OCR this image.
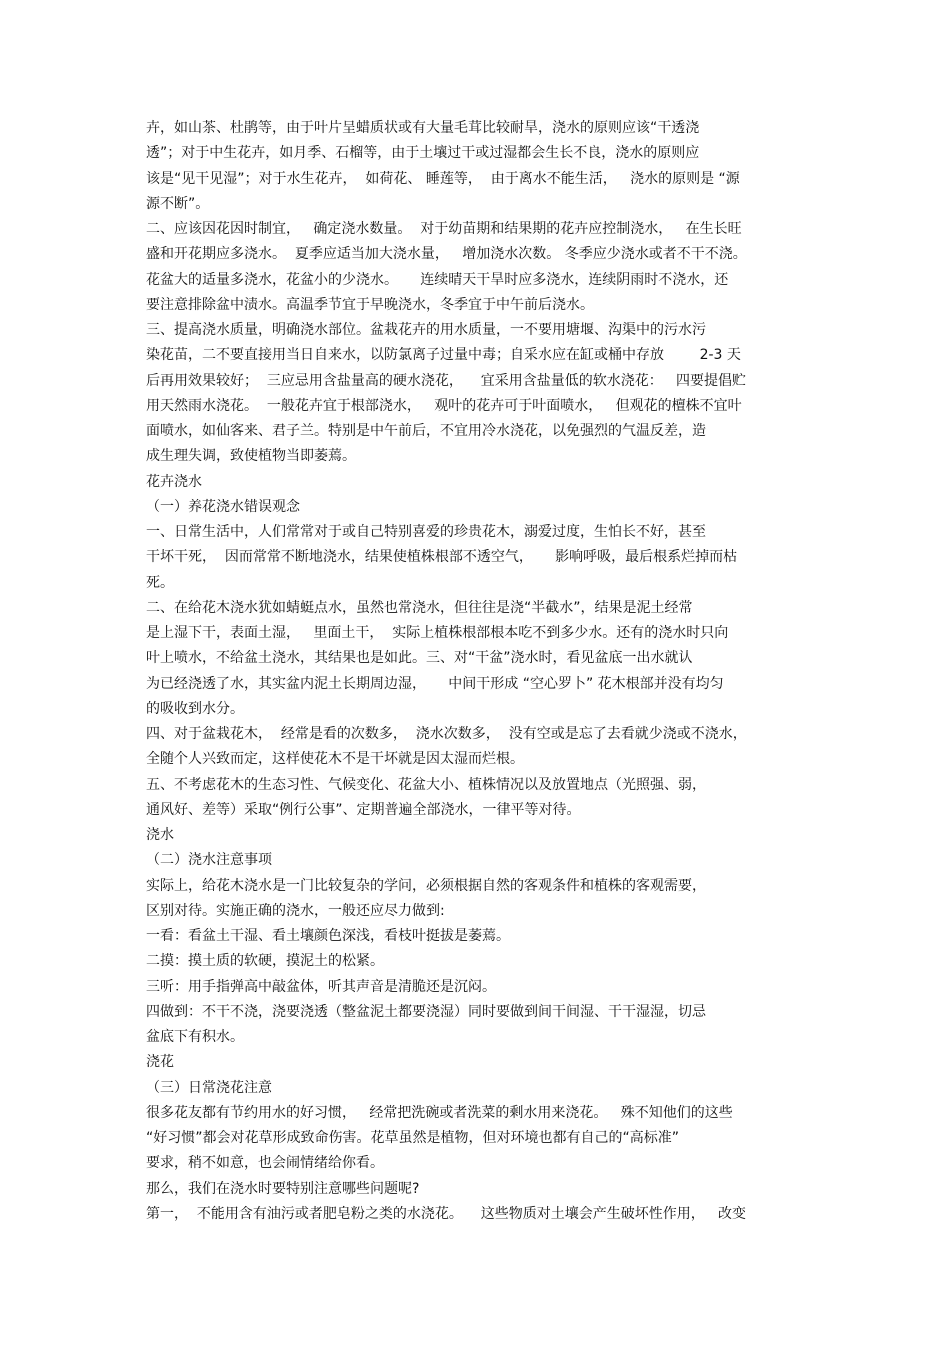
卉，如山茶、杜鹃等，由于叶片呈蜡质状或有大量毛茸比较耐旱，浇水的原则应该“干透浇
透”；对于中生花卉，如月季、石榴等，由于土壤过干或过湿都会生长不良，浇水的原则应
该是“见干见湿”；对于水生花卉，  如荷花、 睡莲等，  由于离水不能生活，   浇水的原则是 “源
源不断”。
二、应该因花因时制宜，   确定浇水数量。  对于幼苗期和结果期的花卉应控制浇水，   在生长旺
盛和开花期应多浇水。  夏季应适当加大浇水量，   增加浇水次数。 冬季应少浇水或者不干不浇。
花盆大的适量多浇水，花盆小的少浇水。     连续晴天干旱时应多浇水，连续阴雨时不浇水，还
要注意排除盆中渍水。高温季节宜于早晚浇水，冬季宜于中午前后浇水。
三、提高浇水质量，明确浇水部位。盆栽花卉的用水质量，一不要用塘堰、沟渠中的污水污
染花苗，二不要直接用当日自来水，以防氯离子过量中毒；自采水应在缸或桶中存放        2-3 天
后再用效果较好；  三应忌用含盐量高的硬水浇花，    宜采用含盐量低的软水浇花：   四要提倡贮
用天然雨水浇花。  一般花卉宜于根部浇水，   观叶的花卉可于叶面喷水，   但观花的檀株不宜叶
面喷水，如仙客来、君子兰。特别是中午前后，不宜用冷水浇花，以免强烈的气温反差，造
成生理失调，致使植物当即萎蔫。
花卉浇水
（一）养花浇水错误观念
一、日常生活中，人们常常对于或自己特别喜爱的珍贵花木，溺爱过度，生怕长不好，甚至
干坏干死，  因而常常不断地浇水，结果使植株根部不透空气，     影响呼吸，最后根系烂掉而枯
死。
二、在给花木浇水犹如蜻蜓点水，虽然也常浇水，但往往是浇“半截水”，结果是泥土经常
是上湿下干，表面土湿，   里面土干，  实际上植株根部根本吃不到多少水。还有的浇水时只向
叶上喷水，不给盆土浇水，其结果也是如此。三、对“干盆”浇水时，看见盆底一出水就认
为已经浇透了水，其实盆内泥土长期周边湿，     中间干形成 “空心罗卜” 花木根部并没有均匀
的吸收到水分。
四、对于盆栽花木，  经常是看的次数多，  浇水次数多，  没有空或是忘了去看就少浇或不浇水，
全随个人兴致而定，这样使花木不是干坏就是因太湿而烂根。
五、不考虑花木的生态习性、气候变化、花盆大小、植株情况以及放置地点（光照强、弱，
通风好、差等）采取“例行公事”、定期普遍全部浇水，一律平等对待。
浇水
（二）浇水注意事项
实际上，给花木浇水是一门比较复杂的学问，必须根据自然的客观条件和植株的客观需要，
区别对待。实施正确的浇水，一般还应尽力做到:
一看：看盆土干湿、看土壤颜色深浅，看枝叶挺拔是萎蔫。
二摸：摸土质的软硬，摸泥土的松紧。
三听：用手指弹高中敲盆体，听其声音是清脆还是沉闷。
四做到：不干不浇，浇要浇透（整盆泥土都要浇湿）同时要做到间干间湿、干干湿湿，切忌
盆底下有积水。
浇花
（三）日常浇花注意
很多花友都有节约用水的好习惯，   经常把洗碗或者洗菜的剩水用来浇花。   殊不知他们的这些
“好习惯”都会对花草形成致命伤害。花草虽然是植物，但对环境也都有自己的“高标准”
要求，稍不如意，也会闹情绪给你看。
那么，我们在浇水时要特别注意哪些问题呢?
第一，  不能用含有油污或者肥皂粉之类的水浇花。    这些物质对土壤会产生破坏性作用，   改变
